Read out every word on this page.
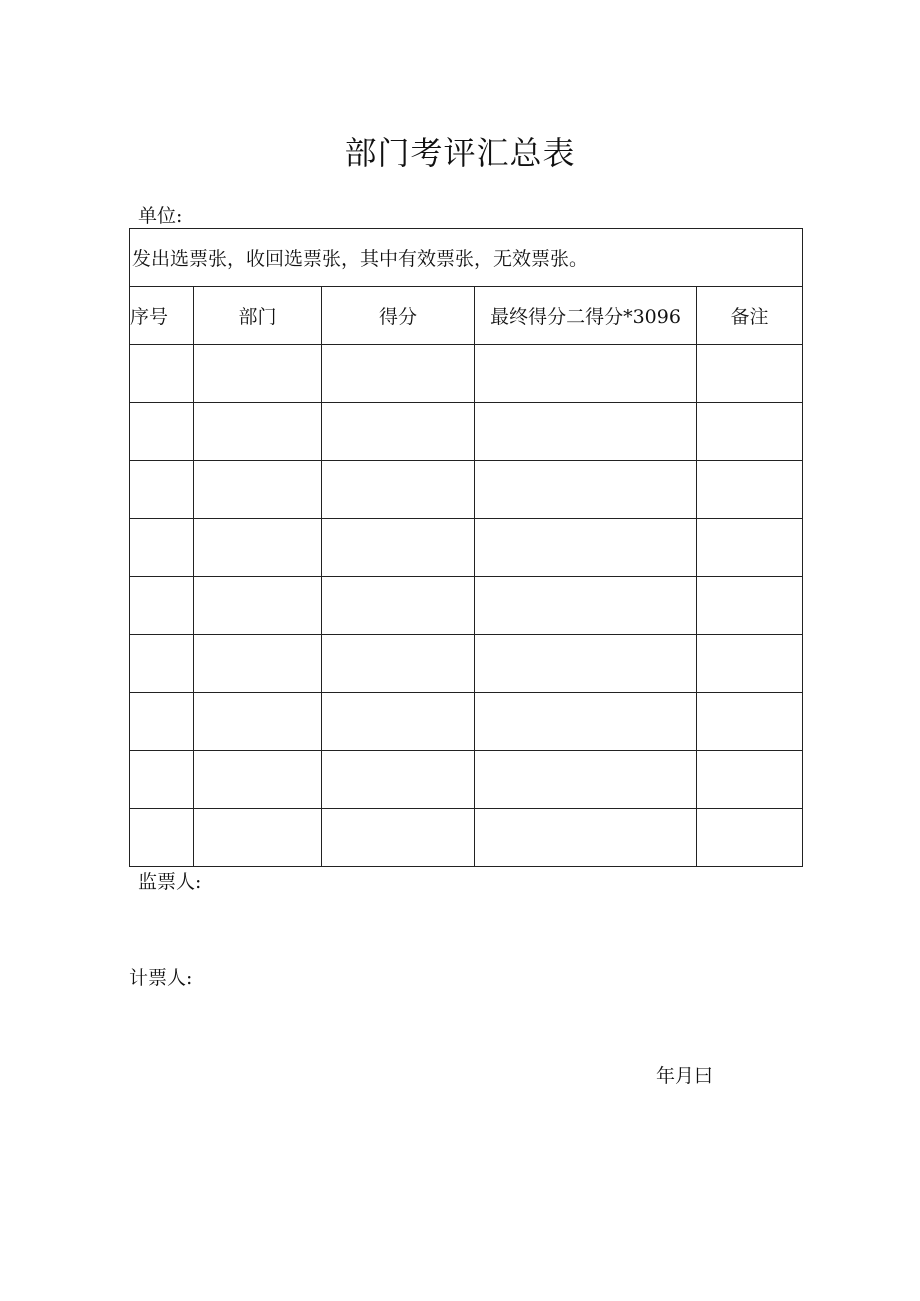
部门考评汇总表
单位:
发出选票张，收回选票张，其中有效票张，无效票张。				
序号	部门	得分	最终得分二得分*3096	备注

监票人:
计票人:
年月曰
